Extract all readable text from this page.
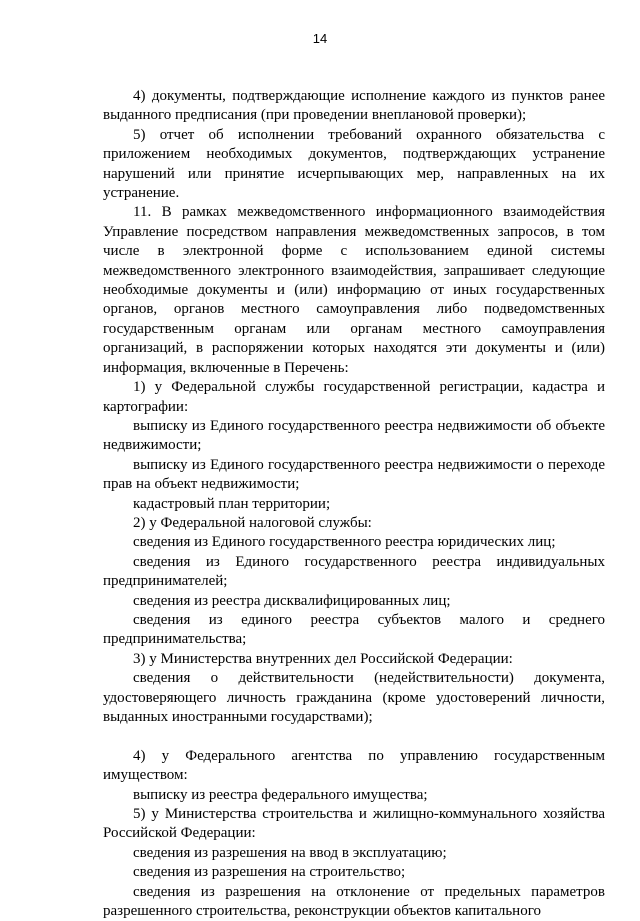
14

4) документы, подтверждающие исполнение каждого из пунктов ранее выданного предписания (при проведении внеплановой проверки);

5) отчет об исполнении требований охранного обязательства с приложением необходимых документов, подтверждающих устранение нарушений или принятие исчерпывающих мер, направленных на их устранение.

11. В рамках межведомственного информационного взаимодействия Управление посредством направления межведомственных запросов, в том числе в электронной форме с использованием единой системы межведомственного электронного взаимодействия, запрашивает следующие необходимые документы и (или) информацию от иных государственных органов, органов местного самоуправления либо подведомственных государственным органам или органам местного самоуправления организаций, в распоряжении которых находятся эти документы и (или) информация, включенные в Перечень:

1) у Федеральной службы государственной регистрации, кадастра и картографии:

выписку из Единого государственного реестра недвижимости об объекте недвижимости;

выписку из Единого государственного реестра недвижимости о переходе прав на объект недвижимости;

кадастровый план территории;

2) у Федеральной налоговой службы:

сведения из Единого государственного реестра юридических лиц;

сведения из Единого государственного реестра индивидуальных предпринимателей;

сведения из реестра дисквалифицированных лиц;

сведения из единого реестра субъектов малого и среднего предпринимательства;

3) у Министерства внутренних дел Российской Федерации:

сведения о действительности (недействительности) документа, удостоверяющего личность гражданина (кроме удостоверений личности, выданных иностранными государствами);

4) у Федерального агентства по управлению государственным имуществом:

выписку из реестра федерального имущества;

5) у Министерства строительства и жилищно-коммунального хозяйства Российской Федерации:

сведения из разрешения на ввод в эксплуатацию;

сведения из разрешения на строительство;

сведения из разрешения на отклонение от предельных параметров разрешенного строительства, реконструкции объектов капитального
